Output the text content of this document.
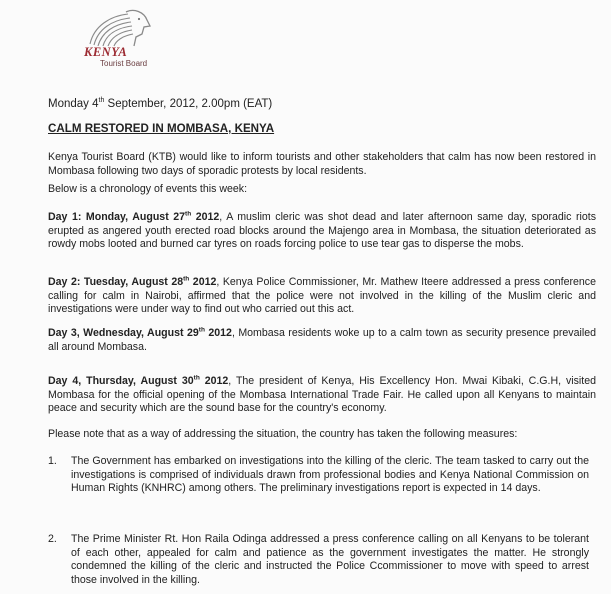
KENYA
Tourist Board
Monday 4th September, 2012, 2.00pm (EAT)
CALM RESTORED IN MOMBASA, KENYA

Kenya Tourist Board (KTB) would like to inform tourists and other stakeholders that calm has now been restored in Mombasa following two days of sporadic protests by local residents.

Below is a chronology of events this week:

Day 1: Monday, August 27th 2012, A muslim cleric was shot dead and later afternoon same day, sporadic riots erupted as angered youth erected road blocks around the Majengo area in Mombasa, the situation deteriorated as rowdy mobs looted and burned car tyres on roads forcing police to use tear gas to disperse the mobs.

Day 2: Tuesday, August 28th 2012, Kenya Police Commissioner, Mr. Mathew Iteere addressed a press conference calling for calm in Nairobi, affirmed that the police were not involved in the killing of the Muslim cleric and investigations were under way to find out who carried out this act.

Day 3, Wednesday, August 29th 2012, Mombasa residents woke up to a calm town as security presence prevailed all around Mombasa.

Day 4, Thursday, August 30th 2012, The president of Kenya, His Excellency Hon. Mwai Kibaki, C.G.H, visited Mombasa for the official opening of the Mombasa International Trade Fair. He called upon all Kenyans to maintain peace and security which are the sound base for the country's economy.

Please note that as a way of addressing the situation, the country has taken the following measures:

1.	The Government has embarked on investigations into the killing of the cleric. The team tasked to carry out the investigations is comprised of individuals drawn from professional bodies and Kenya National Commission on Human Rights (KNHRC) among others. The preliminary investigations report is expected in 14 days.
2.	The Prime Minister Rt. Hon Raila Odinga addressed a press conference calling on all Kenyans to be tolerant of each other, appealed for calm and patience as the government investigates the matter. He strongly condemned the killing of the cleric and instructed the Police Ccommissioner to move with speed to arrest those involved in the killing.
